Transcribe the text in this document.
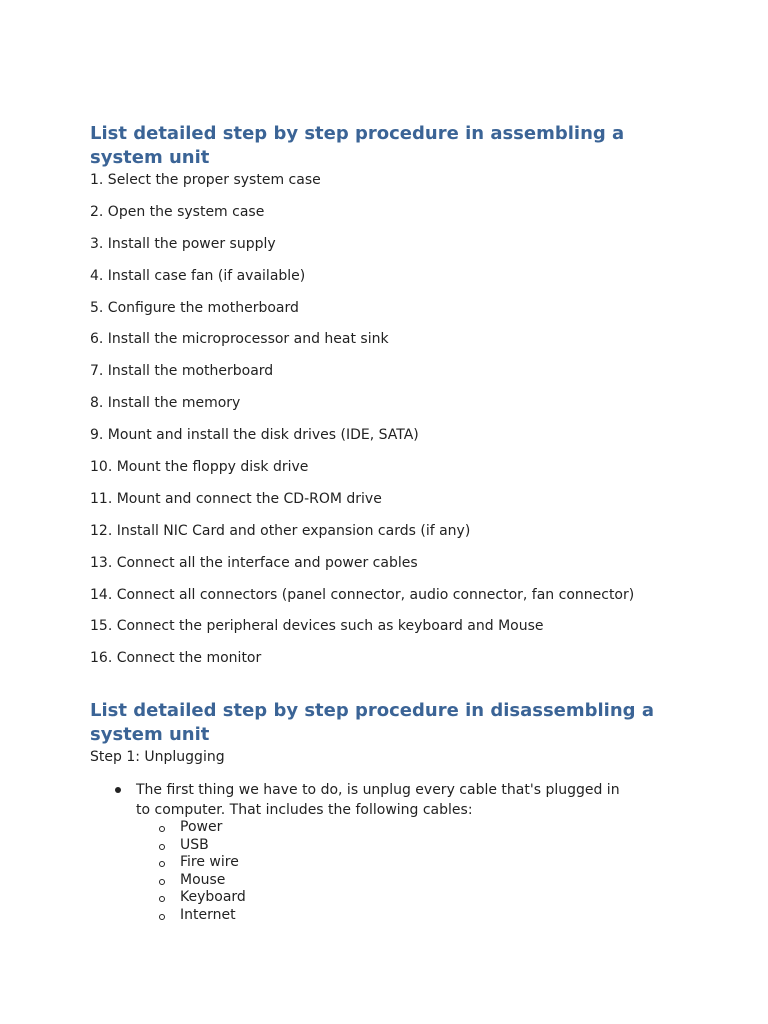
List detailed step by step procedure in assembling a system unit
1. Select the proper system case
2. Open the system case
3. Install the power supply
4. Install case fan (if available)
5. Configure the motherboard
6. Install the microprocessor and heat sink
7. Install the motherboard
8. Install the memory
9. Mount and install the disk drives (IDE, SATA)
10. Mount the floppy disk drive
11. Mount and connect the CD-ROM drive
12. Install NIC Card and other expansion cards (if any)
13. Connect all the interface and power cables
14. Connect all connectors (panel connector, audio connector, fan connector)
15. Connect the peripheral devices such as keyboard and Mouse
16. Connect the monitor
List detailed step by step procedure in disassembling a system unit
Step 1: Unplugging
The first thing we have to do, is unplug every cable that's plugged in to computer. That includes the following cables:
Power
USB
Fire wire
Mouse
Keyboard
Internet
